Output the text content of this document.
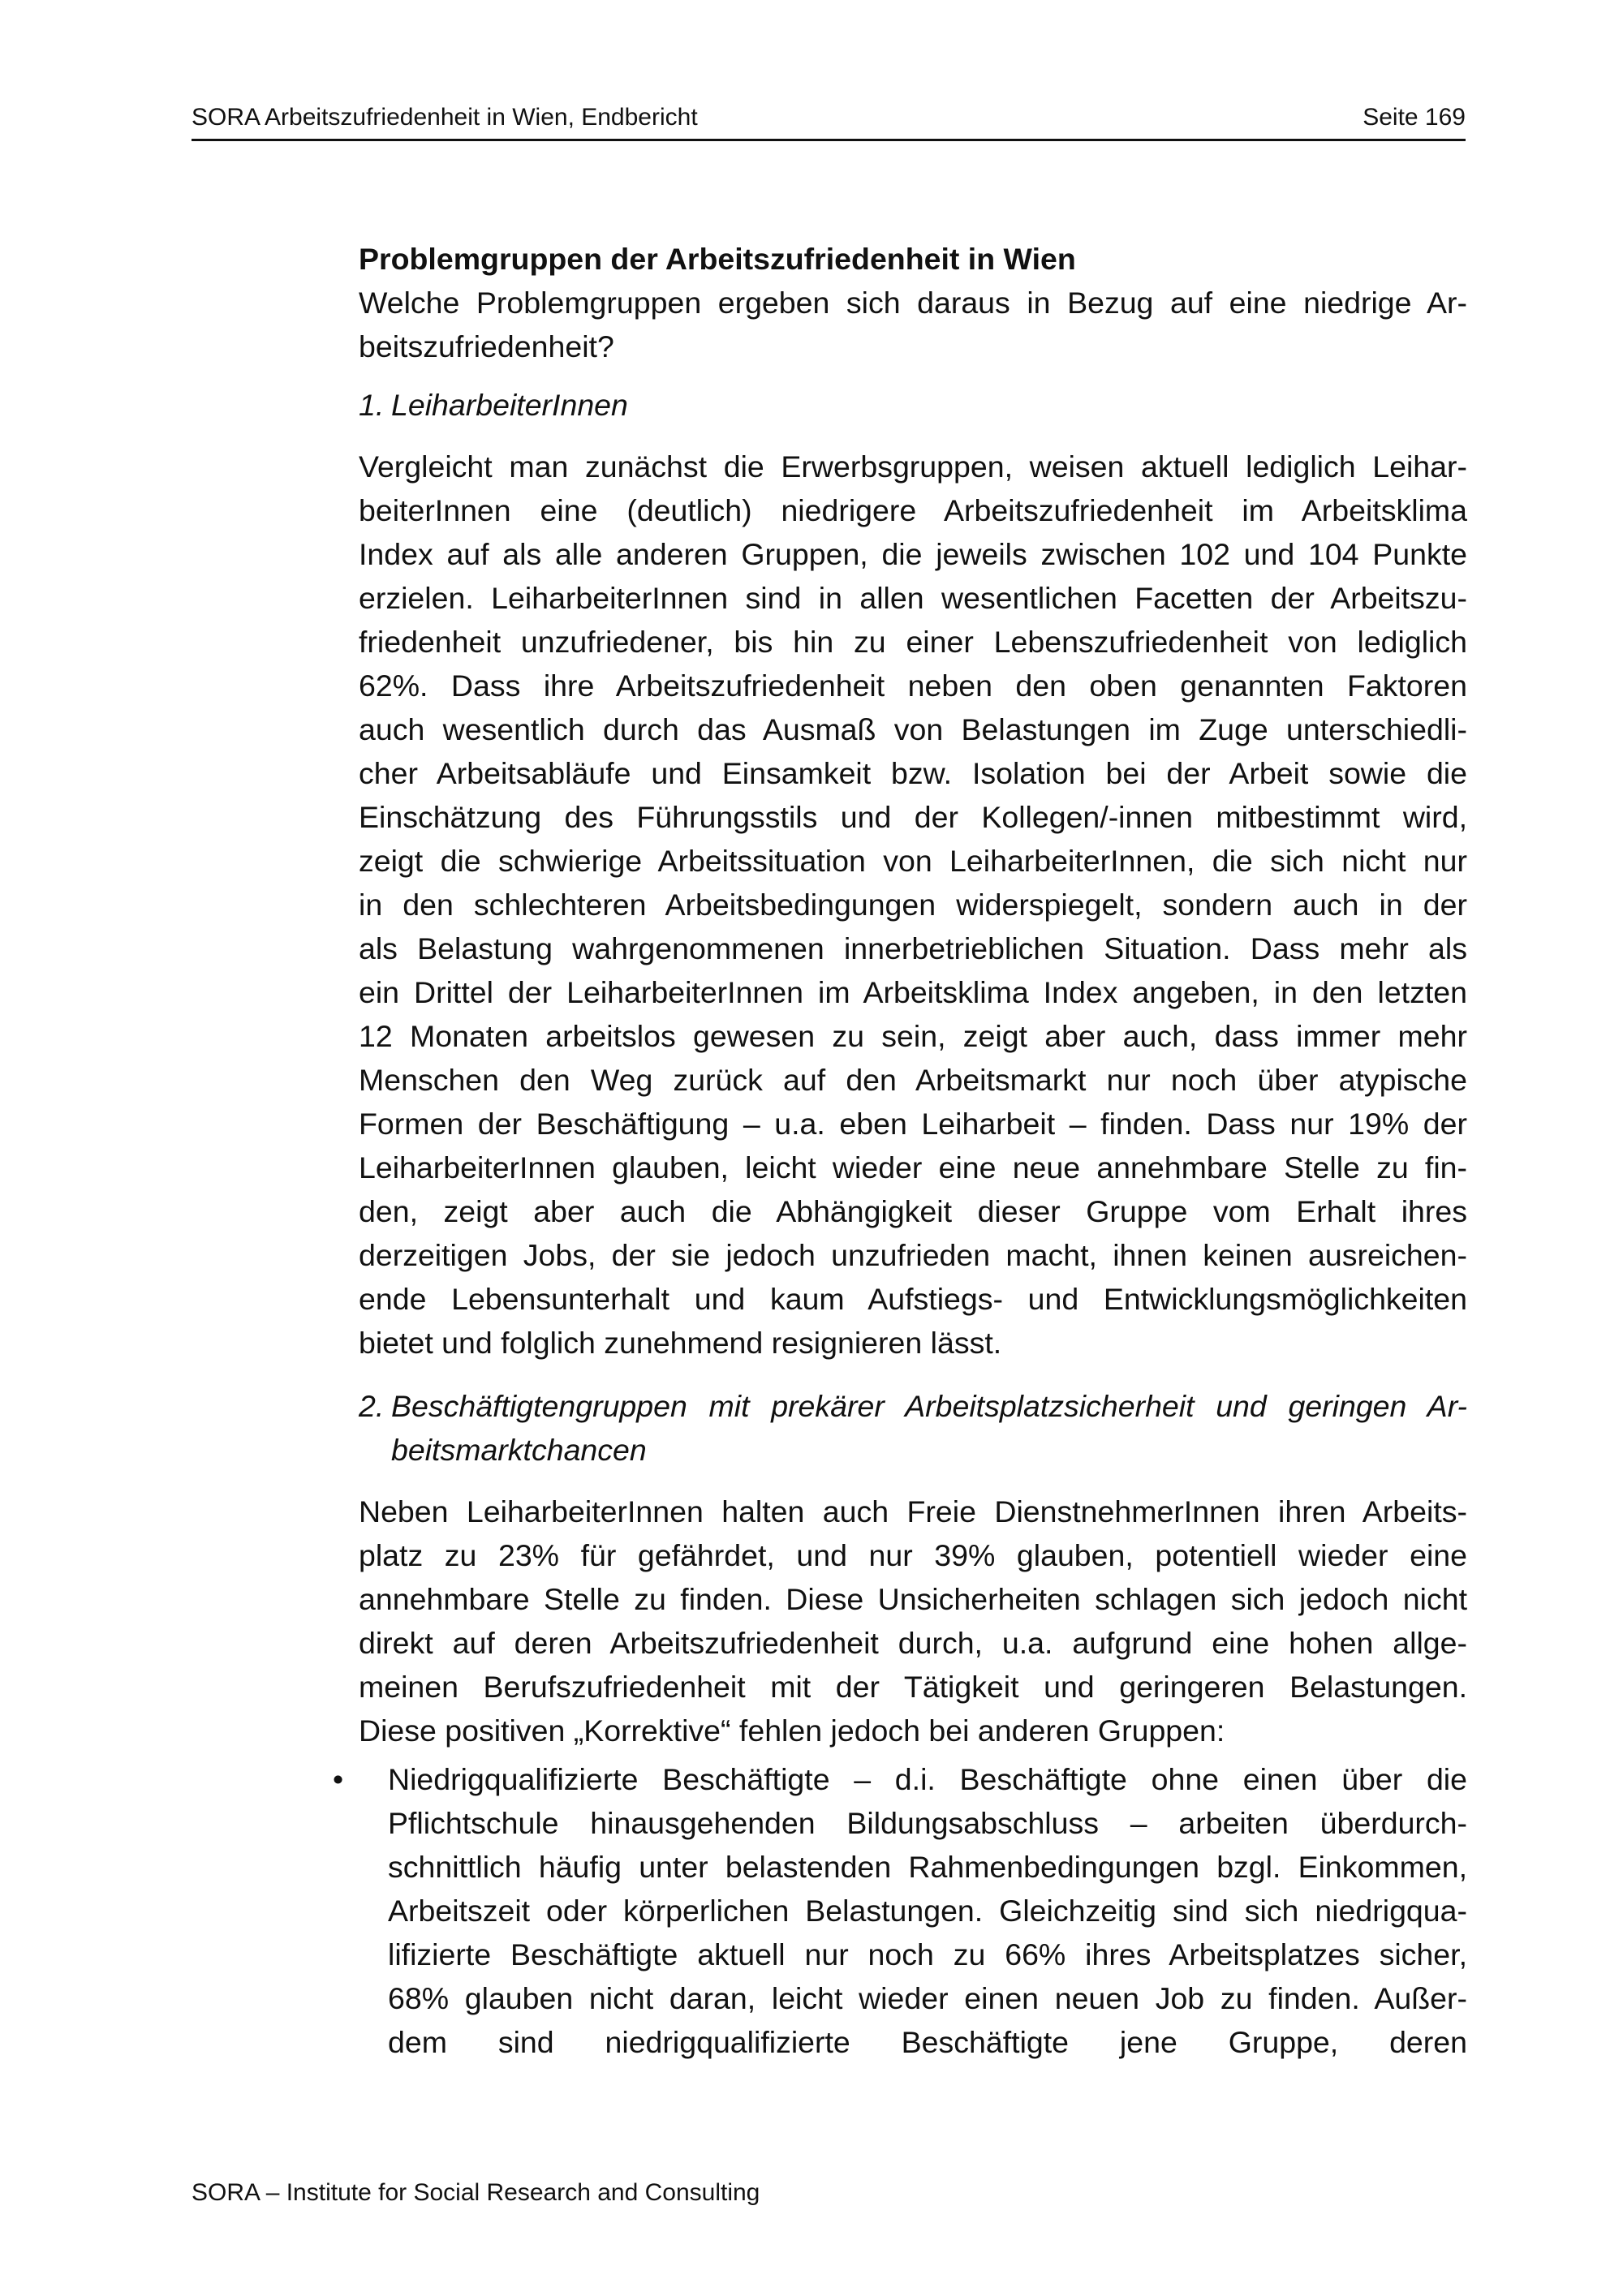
SORA Arbeitszufriedenheit in Wien, Endbericht	Seite 169
Problemgruppen der Arbeitszufriedenheit in Wien
Welche Problemgruppen ergeben sich daraus in Bezug auf eine niedrige Ar-
beitszufriedenheit?
1. LeiharbeiterInnen
Vergleicht man zunächst die Erwerbsgruppen, weisen aktuell lediglich Leihar-
beiterInnen eine (deutlich) niedrigere Arbeitszufriedenheit im Arbeitsklima
Index auf als alle anderen Gruppen, die jeweils zwischen 102 und 104 Punkte
erzielen. LeiharbeiterInnen sind in allen wesentlichen Facetten der Arbeitszu-
friedenheit unzufriedener, bis hin zu einer Lebenszufriedenheit von lediglich
62%. Dass ihre Arbeitszufriedenheit neben den oben genannten Faktoren
auch wesentlich durch das Ausmaß von Belastungen im Zuge unterschiedli-
cher Arbeitsabläufe und Einsamkeit bzw. Isolation bei der Arbeit sowie die
Einschätzung des Führungsstils und der Kollegen/-innen mitbestimmt wird,
zeigt die schwierige Arbeitssituation von LeiharbeiterInnen, die sich nicht nur
in den schlechteren Arbeitsbedingungen widerspiegelt, sondern auch in der
als Belastung wahrgenommenen innerbetrieblichen Situation. Dass mehr als
ein Drittel der LeiharbeiterInnen im Arbeitsklima Index angeben, in den letzten
12 Monaten arbeitslos gewesen zu sein, zeigt aber auch, dass immer mehr
Menschen den Weg zurück auf den Arbeitsmarkt nur noch über atypische
Formen der Beschäftigung – u.a. eben Leiharbeit – finden. Dass nur 19% der
LeiharbeiterInnen glauben, leicht wieder eine neue annehmbare Stelle zu fin-
den, zeigt aber auch die Abhängigkeit dieser Gruppe vom Erhalt ihres
derzeitigen Jobs, der sie jedoch unzufrieden macht, ihnen keinen ausreichen-
ende Lebensunterhalt und kaum Aufstiegs- und Entwicklungsmöglichkeiten
bietet und folglich zunehmend resignieren lässt.
2. Beschäftigtengruppen mit prekärer Arbeitsplatzsicherheit und geringen Ar-
beitsmarktchancen
Neben LeiharbeiterInnen halten auch Freie DienstnehmerInnen ihren Arbeits-
platz zu 23% für gefährdet, und nur 39% glauben, potentiell wieder eine
annehmbare Stelle zu finden. Diese Unsicherheiten schlagen sich jedoch nicht
direkt auf deren Arbeitszufriedenheit durch, u.a. aufgrund eine hohen allge-
meinen Berufszufriedenheit mit der Tätigkeit und geringeren Belastungen.
Diese positiven „Korrektive“ fehlen jedoch bei anderen Gruppen:
• Niedrigqualifizierte Beschäftigte – d.i. Beschäftigte ohne einen über die
Pflichtschule hinausgehenden Bildungsabschluss – arbeiten überdurch-
schnittlich häufig unter belastenden Rahmenbedingungen bzgl. Einkommen,
Arbeitszeit oder körperlichen Belastungen. Gleichzeitig sind sich niedrigqua-
lifizierte Beschäftigte aktuell nur noch zu 66% ihres Arbeitsplatzes sicher,
68% glauben nicht daran, leicht wieder einen neuen Job zu finden. Außer-
dem sind niedrigqualifizierte Beschäftigte jene Gruppe, deren
SORA – Institute for Social Research and Consulting
